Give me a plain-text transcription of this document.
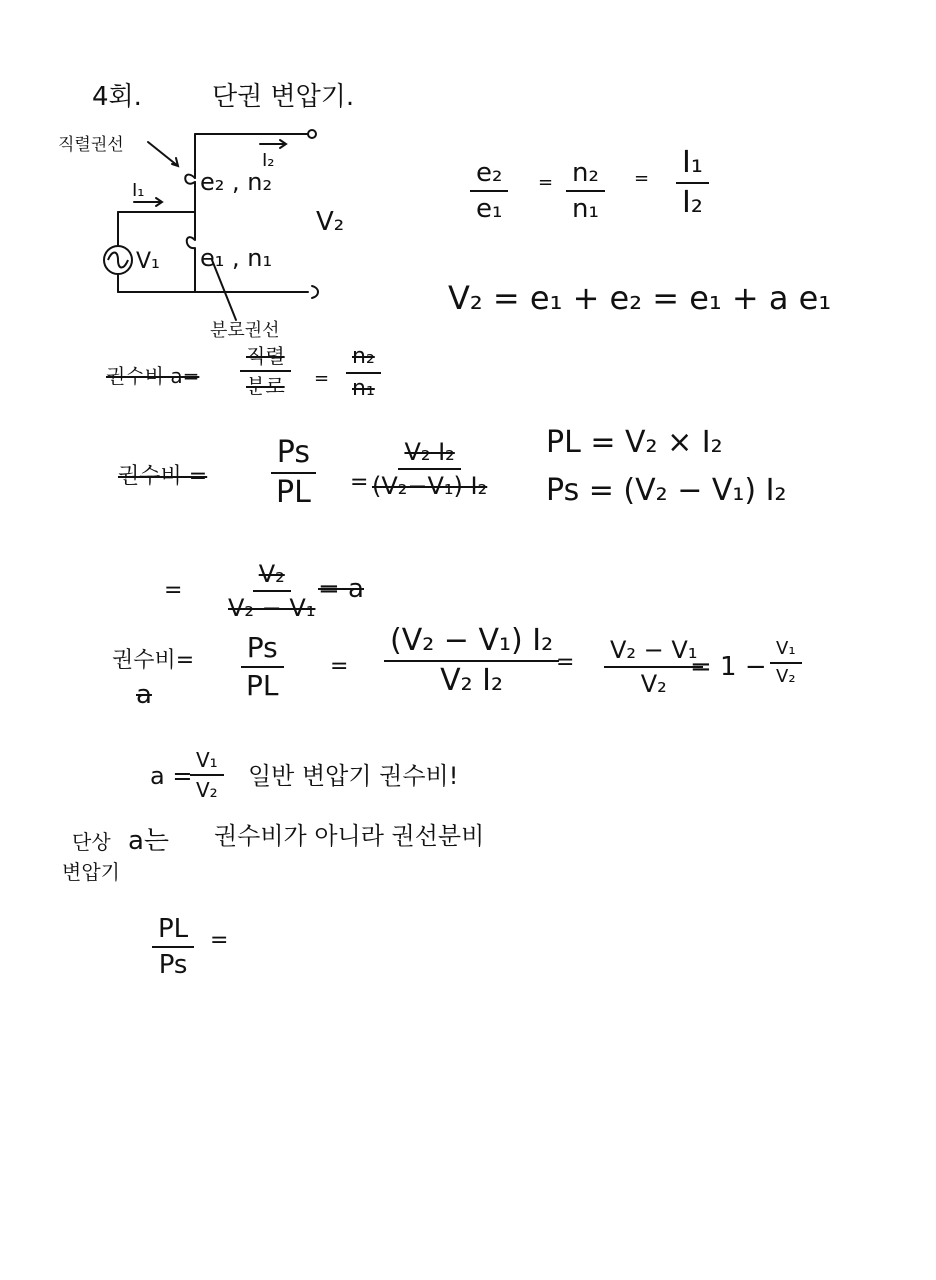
4회.	단권 변압기.
직렬권선
I₂
e₂ , n₂
I₁
V₁ e₁ , n₁
V₂
분로권선
$\frac{\text{e₂}}{\text{e₁}} = \frac{\text{n₂}}{\text{n₁}} = \frac{\text{I₁}}{\text{I₂}}$
V₂ = e₁ + e₂ = e₁ + a e₁
권수비 a=
직렬
분로	= $\frac{\text{n₂}}{\text{n₁}}$
권수비 = $\frac{Ps}{PL}$ =
$\frac{\text{V₂ I₂}}{\text{(V₂−V₁) I₂}}$ PL = V₂ × I₂
Ps = (V₂ − V₁) I₂
= $\frac{\text{V₂}}{\text{V₂ − V₁}}$
= a
권수비=
a	$\frac{Ps}{PL} = \frac{\text{(V₂ − V₁) I₂}}{\text{V₂ I₂}}$
= $\frac{\text{V₂ − V₁}}{\text{V₂}}$
= $1 - \frac{\text{V₁}}{\text{V₂}}$
a =
$\frac{\text{V₁}}{\text{V₂}}$ 일반 변압기 권수비!
단상 a는 권수비가 아니라 권선분비
변압기
$\frac{PL}{Ps}$ =
